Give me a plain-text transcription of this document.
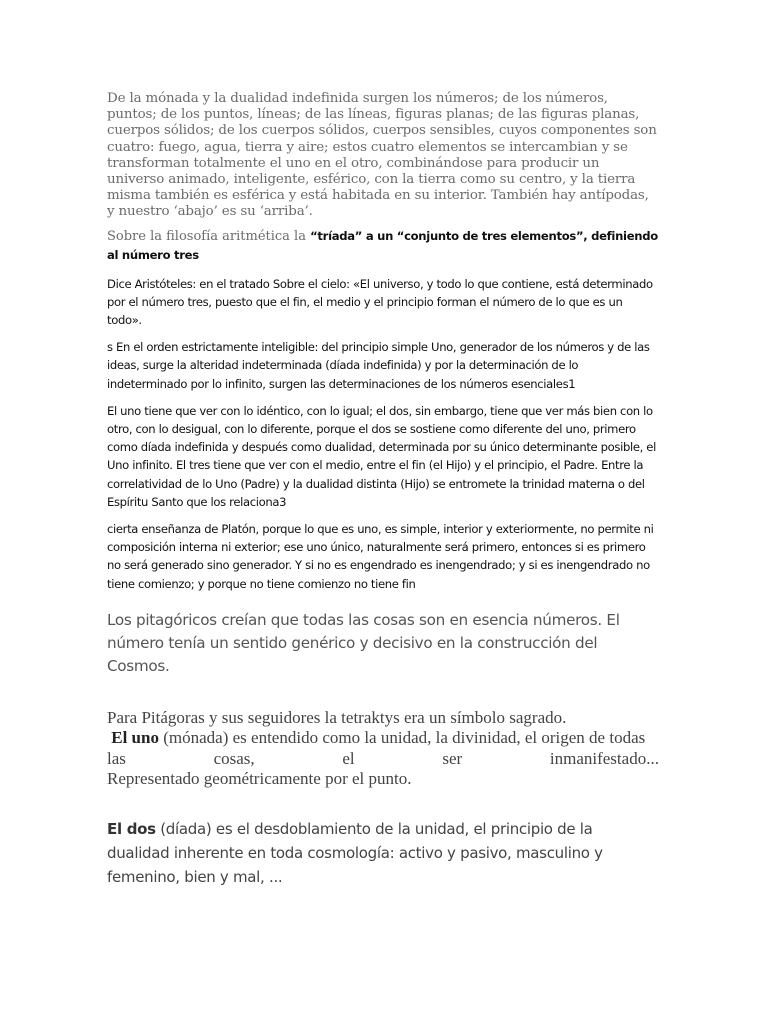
De la mónada y la dualidad indefinida surgen los números; de los números, puntos; de los puntos, líneas; de las líneas, figuras planas; de las figuras planas, cuerpos sólidos; de los cuerpos sólidos, cuerpos sensibles, cuyos componentes son cuatro: fuego, agua, tierra y aire; estos cuatro elementos se intercambian y se transforman totalmente el uno en el otro, combinándose para producir un universo animado, inteligente, esférico, con la tierra como su centro, y la tierra misma también es esférica y está habitada en su interior. También hay antípodas, y nuestro ‘abajo’ es su ‘arriba’.

Sobre la filosofía aritmética la “tríada” a un “conjunto de tres elementos”, definiendo al número tres

Dice Aristóteles: en el tratado Sobre el cielo: «El universo, y todo lo que contiene, está determinado por el número tres, puesto que el fin, el medio y el principio forman el número de lo que es un todo».

s En el orden estrictamente inteligible: del principio simple Uno, generador de los números y de las ideas, surge la alteridad indeterminada (díada indefinida) y por la determinación de lo indeterminado por lo infinito, surgen las determinaciones de los números esenciales1

El uno tiene que ver con lo idéntico, con lo igual; el dos, sin embargo, tiene que ver más bien con lo otro, con lo desigual, con lo diferente, porque el dos se sostiene como diferente del uno, primero como díada indefinida y después como dualidad, determinada por su único determinante posible, el Uno infinito. El tres tiene que ver con el medio, entre el fin (el Hijo) y el principio, el Padre. Entre la correlatividad de lo Uno (Padre) y la dualidad distinta (Hijo) se entromete la trinidad materna o del Espíritu Santo que los relaciona3

cierta enseñanza de Platón, porque lo que es uno, es simple, interior y exteriormente, no permite ni composición interna ni exterior; ese uno único, naturalmente será primero, entonces si es primero no será generado sino generador. Y si no es engendrado es inengendrado; y si es inengendrado no tiene comienzo; y porque no tiene comienzo no tiene fin

Los pitagóricos creían que todas las cosas son en esencia números. El número tenía un sentido genérico y decisivo en la construcción del Cosmos.

Para Pitágoras y sus seguidores la tetraktys era un símbolo sagrado.
El uno (mónada) es entendido como la unidad, la divinidad, el origen de todas
las	cosas,	el	ser	inmanifestado...
Representado geométricamente por el punto.

El dos (díada) es el desdoblamiento de la unidad, el principio de la dualidad inherente en toda cosmología: activo y pasivo, masculino y femenino, bien y mal, ...
